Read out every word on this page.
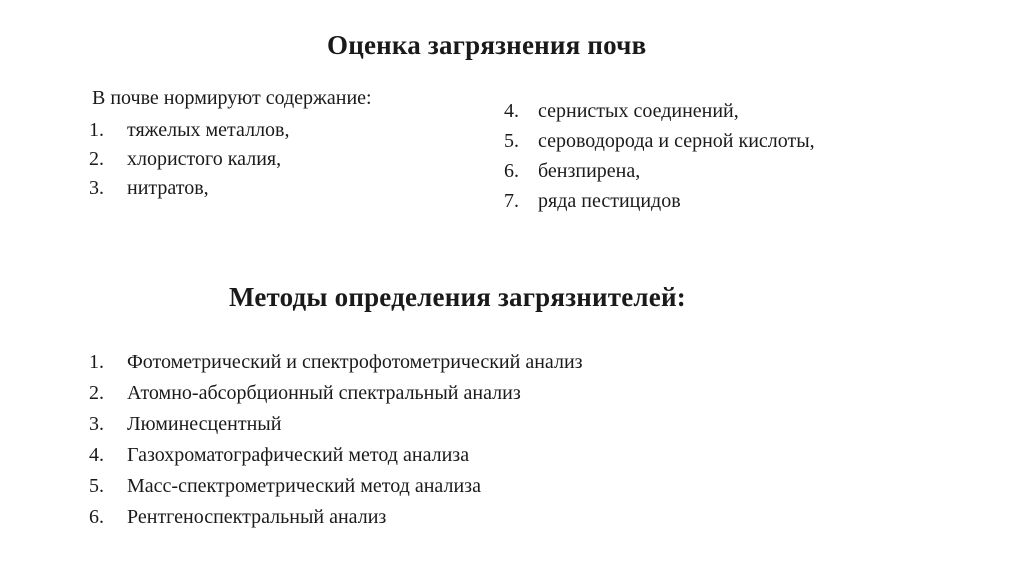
Оценка загрязнения почв
В почве нормируют содержание:
1. тяжелых металлов,
2. хлористого калия,
3. нитратов,
4. сернистых соединений,
5. сероводорода и серной кислоты,
6. бензпирена,
7. ряда пестицидов
Методы определения загрязнителей:
1. Фотометрический и спектрофотометрический анализ
2. Атомно-абсорбционный спектральный анализ
3. Люминесцентный
4. Газохроматографический метод анализа
5. Масс-спектрометрический метод анализа
6. Рентгеноспектральный анализ
